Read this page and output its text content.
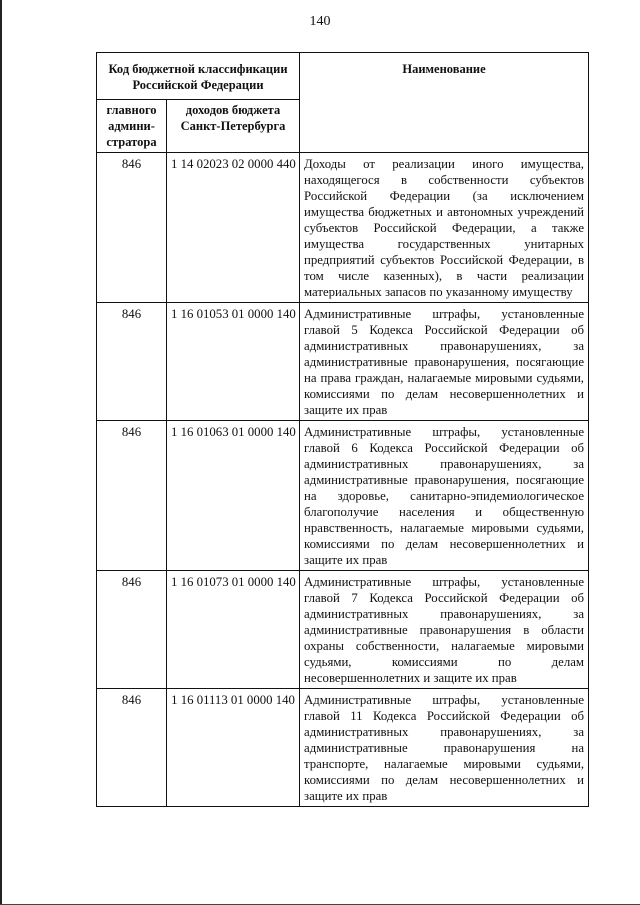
140
Код бюджетной классификации Российской Федерации		Наименование
главного админи-стратора	доходов бюджета Санкт-Петербурга	
846	1 14 02023 02 0000 440	Доходы от реализации иного имущества, находящегося в собственности субъектов Российской Федерации (за исключением имущества бюджетных и автономных учреждений субъектов Российской Федерации, а также имущества государственных унитарных предприятий субъектов Российской Федерации, в том числе казенных), в части реализации материальных запасов по указанному имуществу
846	1 16 01053 01 0000 140	Административные штрафы, установленные главой 5 Кодекса Российской Федерации об административных правонарушениях, за административные правонарушения, посягающие на права граждан, налагаемые мировыми судьями, комиссиями по делам несовершеннолетних и защите их прав
846	1 16 01063 01 0000 140	Административные штрафы, установленные главой 6 Кодекса Российской Федерации об административных правонарушениях, за административные правонарушения, посягающие на здоровье, санитарно-эпидемиологическое благополучие населения и общественную нравственность, налагаемые мировыми судьями, комиссиями по делам несовершеннолетних и защите их прав
846	1 16 01073 01 0000 140	Административные штрафы, установленные главой 7 Кодекса Российской Федерации об административных правонарушениях, за административные правонарушения в области охраны собственности, налагаемые мировыми судьями, комиссиями по делам несовершеннолетних и защите их прав
846	1 16 01113 01 0000 140	Административные штрафы, установленные главой 11 Кодекса Российской Федерации об административных правонарушениях, за административные правонарушения на транспорте, налагаемые мировыми судьями, комиссиями по делам несовершеннолетних и защите их прав
